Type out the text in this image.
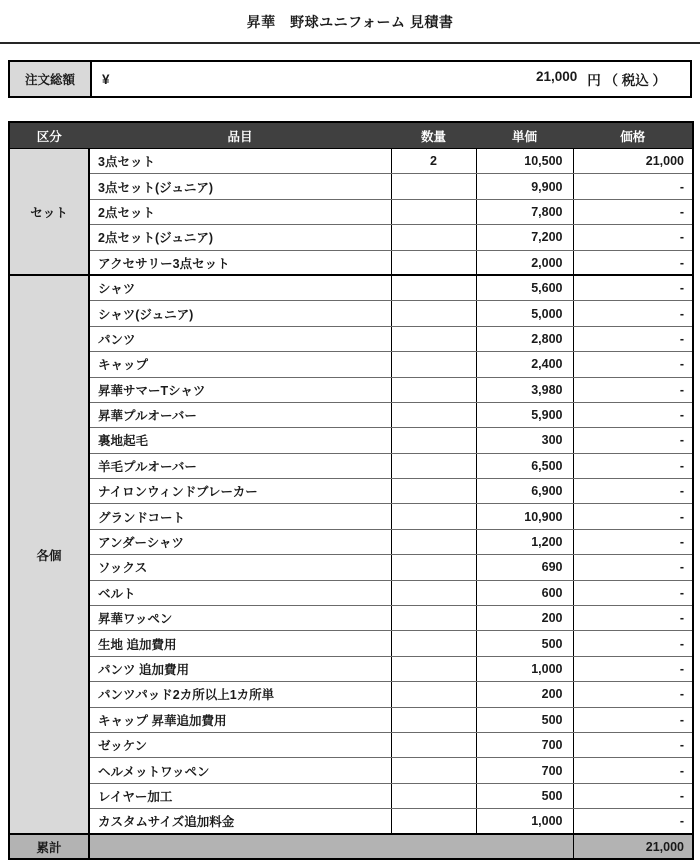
昇華　野球ユニフォーム 見積書
注文総額	¥	21,000 円 （ 税込 ）
区分	品目	数量	単価	価格
セット	3点セット	2	10,500	21,000
	3点セット(ジュニア)		9,900	-
	2点セット		7,800	-
	2点セット(ジュニア)		7,200	-
	アクセサリー3点セット		2,000	-
各個	シャツ		5,600	-
	シャツ(ジュニア)		5,000	-
	パンツ		2,800	-
	キャップ		2,400	-
	昇華サマーTシャツ		3,980	-
	昇華プルオーバー		5,900	-
	裏地起毛		300	-
	羊毛プルオーバー		6,500	-
	ナイロンウィンドブレーカー		6,900	-
	グランドコート		10,900	-
	アンダーシャツ		1,200	-
	ソックス		690	-
	ベルト		600	-
	昇華ワッペン		200	-
	生地 追加費用		500	-
	パンツ 追加費用		1,000	-
	パンツパッド2カ所以上1カ所単		200	-
	キャップ 昇華追加費用		500	-
	ゼッケン		700	-
	ヘルメットワッペン		700	-
	レイヤー加工		500	-
	カスタムサイズ追加料金		1,000	-
累計				21,000
